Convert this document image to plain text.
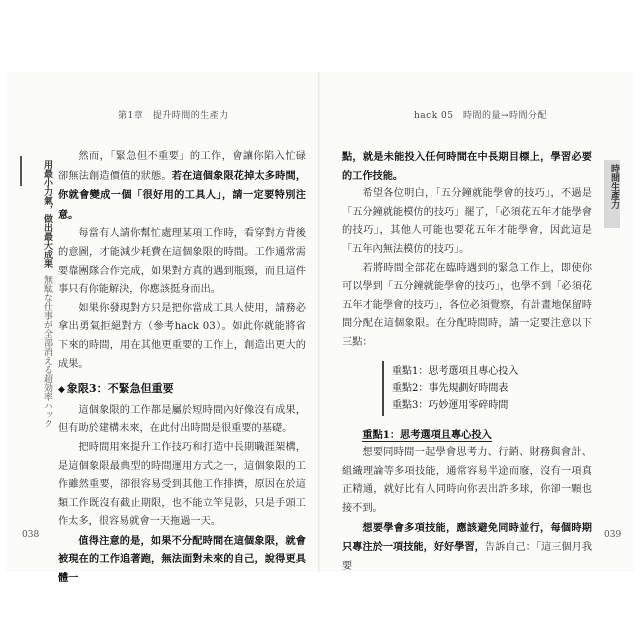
第1章　提升時間的生產力	hack 05　時間的量→時間分配
用最小力氣，做出最大成果 無駄な仕事が全部消える超効率ハック
時間生產力

然而，「緊急但不重要」的工作，會讓你陷入忙碌卻無法創造價值的狀態。若在這個象限花掉太多時間，你就會變成一個「很好用的工具人」，請一定要特別注意。

每當有人請你幫忙處理某項工作時，看穿對方背後的意圖，才能減少耗費在這個象限的時間。工作通常需要靠團隊合作完成，如果對方真的遇到瓶頸，而且這件事只有你能解決，你應該挺身而出。

如果你發現對方只是把你當成工具人使用，請務必拿出勇氣拒絕對方（參考hack 03）。如此你就能將省下來的時間，用在其他更重要的工作上，創造出更大的成果。

◆ 象限3：不緊急但重要

這個象限的工作都是屬於短時間內好像沒有成果，但有助於建構未來，在此付出時間是很重要的基礎。

把時間用來提升工作技巧和打造中長期職涯架構，是這個象限最典型的時間運用方式之一，這個象限的工作雖然重要，卻很容易受到其他工作排擠，原因在於這類工作既沒有截止期限，也不能立竿見影，只是手頭工作太多，很容易就會一天拖過一天。

值得注意的是，如果不分配時間在這個象限，就會被現在的工作追著跑，無法面對未來的自己，說得更具體一

點，就是未能投入任何時間在中長期目標上，學習必要的工作技能。

希望各位明白，「五分鐘就能學會的技巧」，不過是「五分鐘就能模仿的技巧」罷了，「必須花五年才能學會的技巧」，其他人可能也要花五年才能學會，因此這是「五年內無法模仿的技巧」。

若將時間全部花在臨時遇到的緊急工作上，即使你可以學到「五分鐘就能學會的技巧」，也學不到「必須花五年才能學會的技巧」，各位必須覺察，有計畫地保留時間分配在這個象限。在分配時間時，請一定要注意以下三點：

重點1：思考選項且專心投入
重點2：事先規劃好時間表
重點3：巧妙運用零碎時間

重點1：思考選項且專心投入

想要同時間一起學會思考力、行銷、財務與會計、組織理論等多項技能，通常容易半途而廢，沒有一項真正精通，就好比有人同時向你丟出許多球，你卻一顆也接不到。

想要學會多項技能，應該避免同時並行，每個時期只專注於一項技能，好好學習，告訴自己：「這三個月我要

038	039
